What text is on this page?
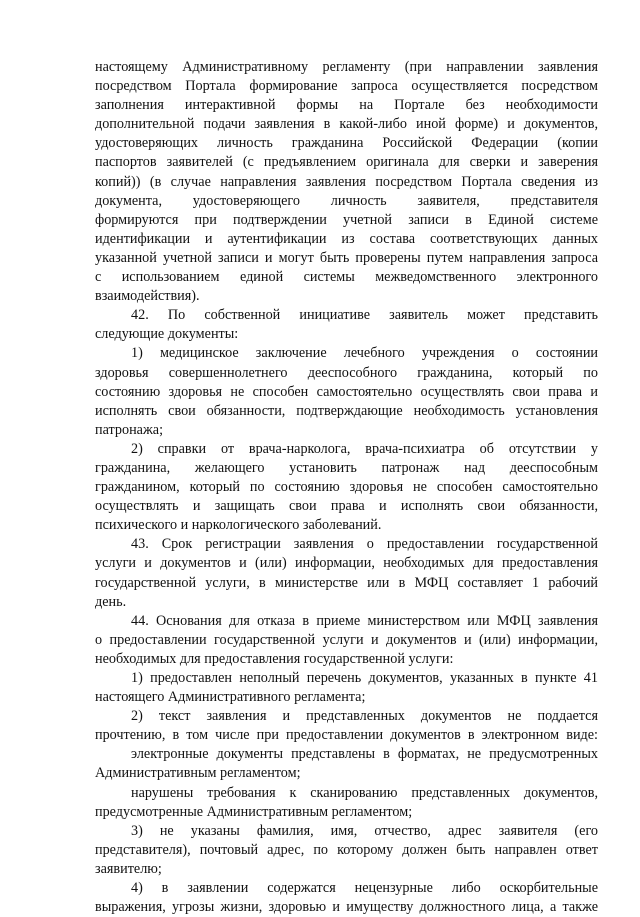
настоящему Административному регламенту (при направлении заявления
посредством Портала формирование запроса осуществляется посредством
заполнения интерактивной формы на Портале без необходимости
дополнительной подачи заявления в какой-либо иной форме) и документов,
удостоверяющих личность гражданина Российской Федерации (копии
паспортов заявителей (с предъявлением оригинала для сверки и заверения
копий)) (в случае направления заявления посредством Портала сведения из
документа, удостоверяющего личность заявителя, представителя
формируются при подтверждении учетной записи в Единой системе
идентификации и аутентификации из состава соответствующих данных
указанной учетной записи и могут быть проверены путем направления запроса
с использованием единой системы межведомственного электронного
взаимодействия).
42. По собственной инициативе заявитель может представить
следующие документы:
1) медицинское заключение лечебного учреждения о состоянии
здоровья совершеннолетнего дееспособного гражданина, который по
состоянию здоровья не способен самостоятельно осуществлять свои права и
исполнять свои обязанности, подтверждающие необходимость установления
патронажа;
2) справки от врача-нарколога, врача-психиатра об отсутствии у
гражданина, желающего установить патронаж над дееспособным
гражданином, который по состоянию здоровья не способен самостоятельно
осуществлять и защищать свои права и исполнять свои обязанности,
психического и наркологического заболеваний.
43. Срок регистрации заявления о предоставлении государственной
услуги и документов и (или) информации, необходимых для предоставления
государственной услуги, в министерстве или в МФЦ составляет 1 рабочий
день.
44. Основания для отказа в приеме министерством или МФЦ заявления
о предоставлении государственной услуги и документов и (или) информации,
необходимых для предоставления государственной услуги:
1) предоставлен неполный перечень документов, указанных в пункте 41
настоящего Административного регламента;
2) текст заявления и представленных документов не поддается
прочтению, в том числе при предоставлении документов в электронном виде:
электронные документы представлены в форматах, не предусмотренных
Административным регламентом;
нарушены требования к сканированию представленных документов,
предусмотренные Административным регламентом;
3) не указаны фамилия, имя, отчество, адрес заявителя (его
представителя), почтовый адрес, по которому должен быть направлен ответ
заявителю;
4) в заявлении содержатся нецензурные либо оскорбительные
выражения, угрозы жизни, здоровью и имуществу должностного лица, а также
